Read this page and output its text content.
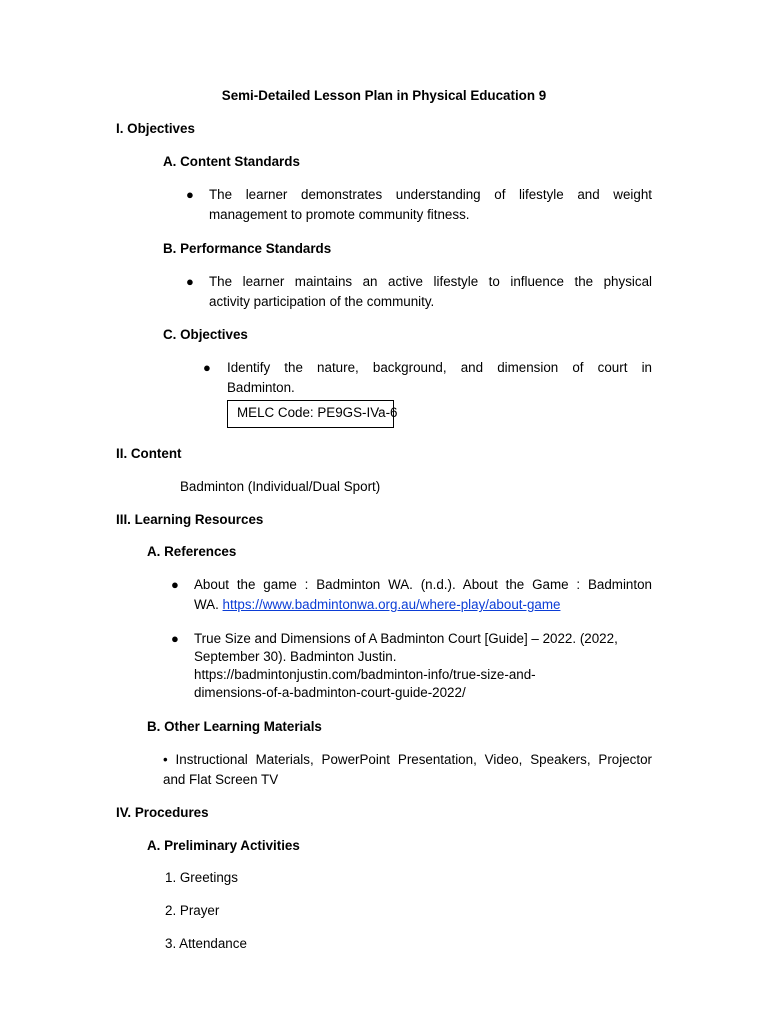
Semi-Detailed Lesson Plan in Physical Education 9
I. Objectives
A. Content Standards
● The learner demonstrates understanding of lifestyle and weight
management to promote community fitness.
B. Performance Standards
● The learner maintains an active lifestyle to influence the physical
activity participation of the community.
C. Objectives
● Identify the nature, background, and dimension of court in
Badminton.
MELC Code: PE9GS-IVa-6
II. Content
Badminton (Individual/Dual Sport)
III. Learning Resources
A. References
● About the game : Badminton WA. (n.d.). About the Game : Badminton
WA. https://www.badmintonwa.org.au/where-play/about-game
● True Size and Dimensions of A Badminton Court [Guide] – 2022. (2022,
September 30). Badminton Justin.
https://badmintonjustin.com/badminton-info/true-size-and-
dimensions-of-a-badminton-court-guide-2022/
B. Other Learning Materials
• Instructional Materials, PowerPoint Presentation, Video, Speakers, Projector
and Flat Screen TV
IV. Procedures
A. Preliminary Activities
1. Greetings
2. Prayer
3. Attendance
